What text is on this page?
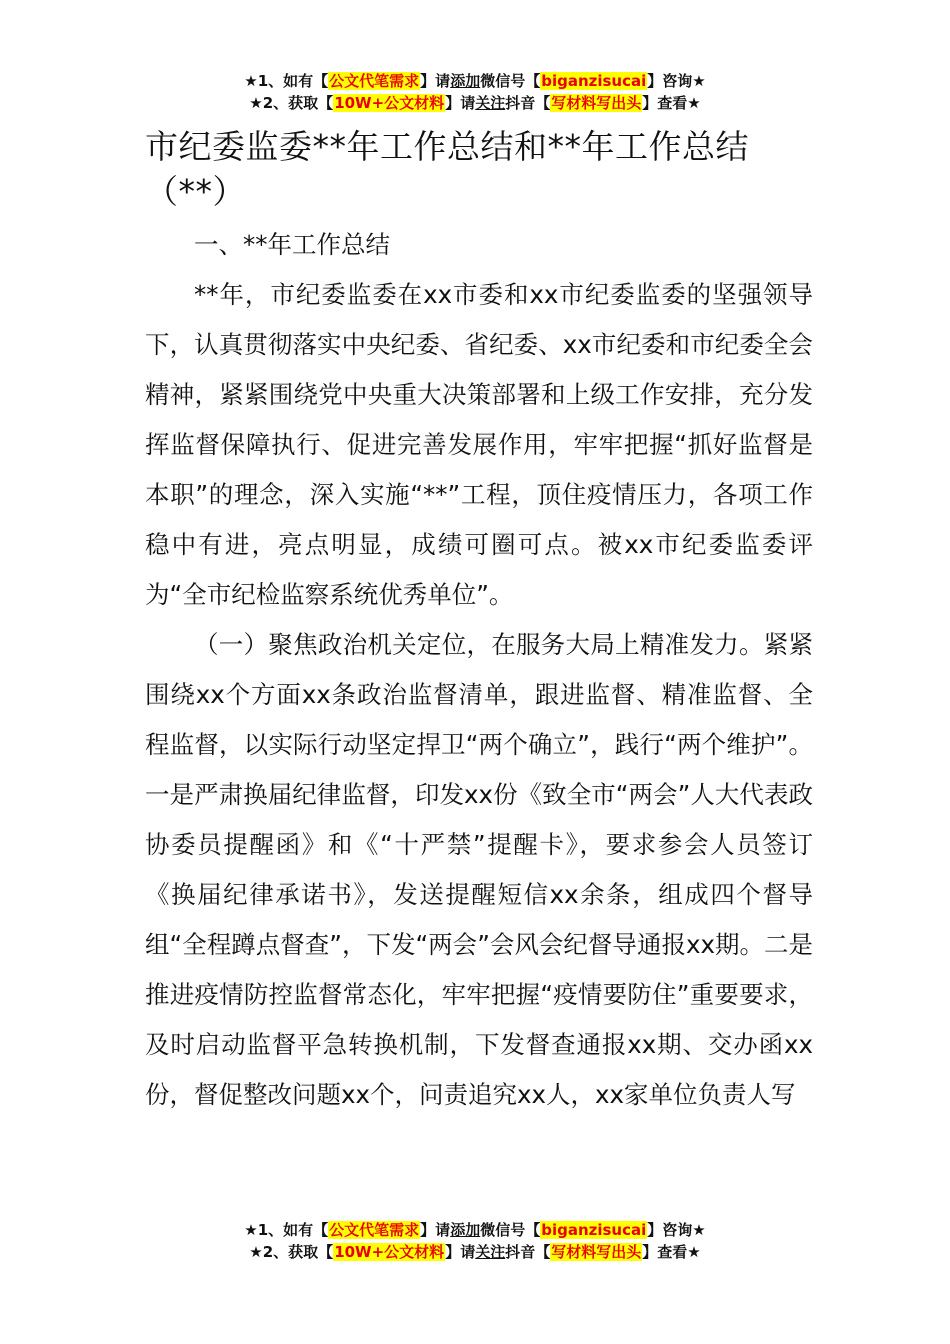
★1、如有【公文代笔需求】请添加微信号【biganzisucai】咨询★
★2、获取【10W+公文材料】请关注抖音【写材料写出头】查看★
市纪委监委**年工作总结和**年工作总结（**）

一、**年工作总结

**年，市纪委监委在xx市委和xx市纪委监委的坚强领导下，认真贯彻落实中央纪委、省纪委、xx市纪委和市纪委全会精神，紧紧围绕党中央重大决策部署和上级工作安排，充分发挥监督保障执行、促进完善发展作用，牢牢把握“抓好监督是本职”的理念，深入实施“**”工程，顶住疫情压力，各项工作稳中有进，亮点明显，成绩可圈可点。被xx市纪委监委评为“全市纪检监察系统优秀单位”。

（一）聚焦政治机关定位，在服务大局上精准发力。紧紧围绕xx个方面xx条政治监督清单，跟进监督、精准监督、全程监督，以实际行动坚定捍卫“两个确立”，践行“两个维护”。一是严肃换届纪律监督，印发xx份《致全市“两会”人大代表政协委员提醒函》和《“十严禁”提醒卡》，要求参会人员签订《换届纪律承诺书》，发送提醒短信xx余条，组成四个督导组“全程蹲点督查”，下发“两会”会风会纪督导通报xx期。二是推进疫情防控监督常态化，牢牢把握“疫情要防住”重要要求，及时启动监督平急转换机制，下发督查通报xx期、交办函xx份，督促整改问题xx个，问责追究xx人，xx家单位负责人写

★1、如有【公文代笔需求】请添加微信号【biganzisucai】咨询★
★2、获取【10W+公文材料】请关注抖音【写材料写出头】查看★
